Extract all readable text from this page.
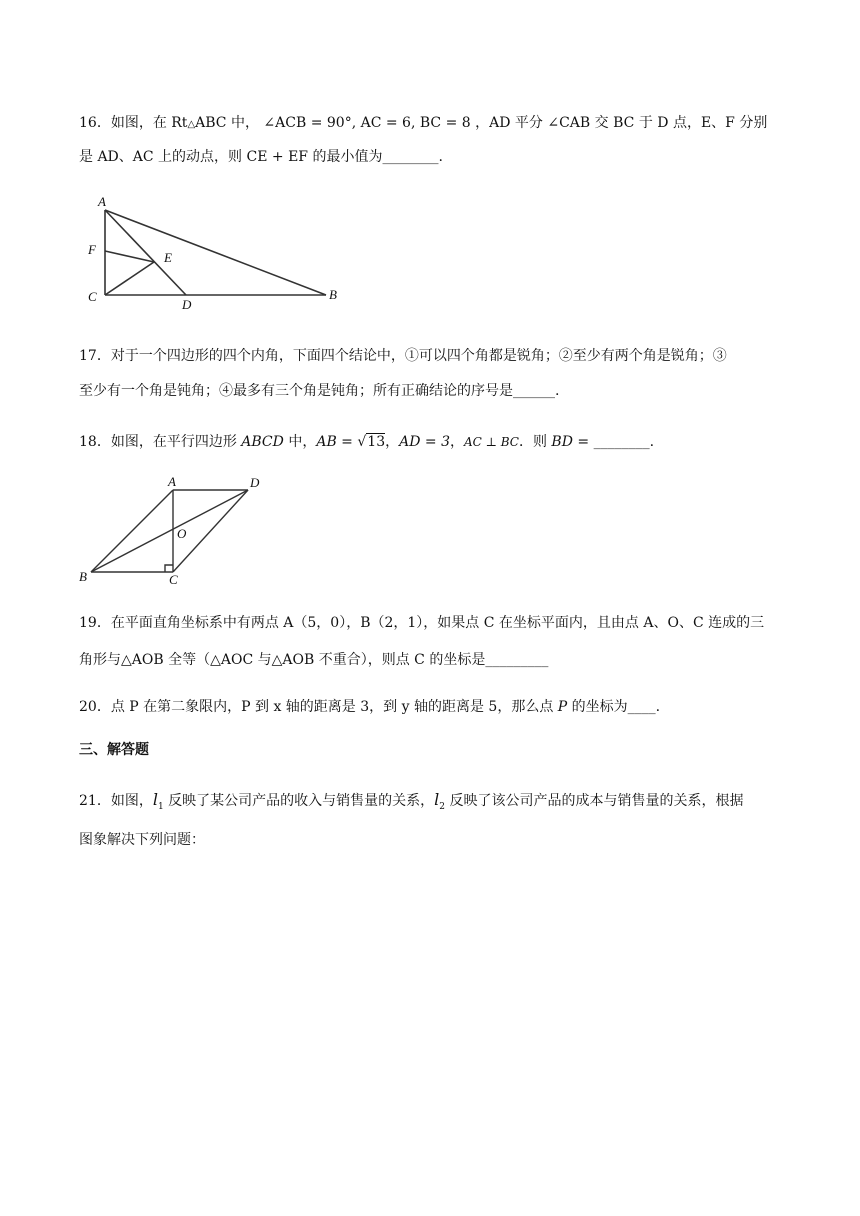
16．如图，在 Rt△ABC 中， ∠ACB = 90°, AC = 6, BC = 8 ，AD 平分 ∠CAB 交 BC 于 D 点，E、F 分别
是 AD、AC 上的动点，则 CE + EF 的最小值为________.
A
F
E
C
D
B
17．对于一个四边形的四个内角，下面四个结论中，①可以四个角都是锐角；②至少有两个角是锐角；③
至少有一个角是钝角；④最多有三个角是钝角；所有正确结论的序号是______.
18．如图，在平行四边形 ABCD 中，AB = √13，AD = 3，AC ⊥ BC．则 BD = ________.
A	D
O
B	C
19．在平面直角坐标系中有两点 A（5，0），B（2，1），如果点 C 在坐标平面内，且由点 A、O、C 连成的三
角形与△AOB 全等（△AOC 与△AOB 不重合），则点 C 的坐标是_________
20．点 P 在第二象限内，P 到 x 轴的距离是 3，到 y 轴的距离是 5，那么点 P 的坐标为____.
三、解答题
21．如图，$l_1$ 反映了某公司产品的收入与销售量的关系，$l_2$ 反映了该公司产品的成本与销售量的关系，根据
图象解决下列问题：
